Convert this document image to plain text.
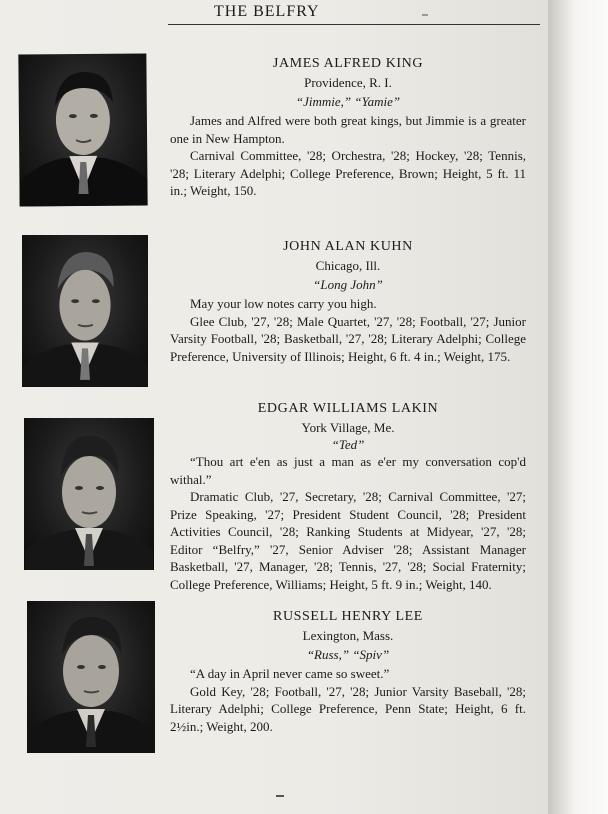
THE BELFRY
JAMES ALFRED KING
Providence, R. I.
“Jimmie,” “Yamie”
James and Alfred were both great kings, but Jimmie is a greater one in New Hampton.
Carnival Committee, '28; Orchestra, '28; Hockey, '28; Tennis, '28; Literary Adelphi; College Preference, Brown; Height, 5 ft. 11 in.; Weight, 150.
JOHN ALAN KUHN
Chicago, Ill.
“Long John”
May your low notes carry you high.
Glee Club, '27, '28; Male Quartet, '27, '28; Football, '27; Junior Varsity Football, '28; Basketball, '27, '28; Literary Adelphi; College Preference, University of Illinois; Height, 6 ft. 4 in.; Weight, 175.
EDGAR WILLIAMS LAKIN
York Village, Me.
“Ted”
“Thou art e'en as just a man as e'er my conversation cop'd withal.”
Dramatic Club, '27, Secretary, '28; Carnival Committee, '27; Prize Speaking, '27; President Student Council, '28; President Activities Council, '28; Ranking Students at Midyear, '27, '28; Editor “Belfry,” '27, Senior Adviser '28; Assistant Manager Basketball, '27, Manager, '28; Tennis, '27, '28; Social Fraternity; College Preference, Williams; Height, 5 ft. 9 in.; Weight, 140.
RUSSELL HENRY LEE
Lexington, Mass.
“Russ,” “Spiv”
“A day in April never came so sweet.”
Gold Key, '28; Football, '27, '28; Junior Varsity Baseball, '28; Literary Adelphi; College Preference, Penn State; Height, 6 ft. 2½in.; Weight, 200.
